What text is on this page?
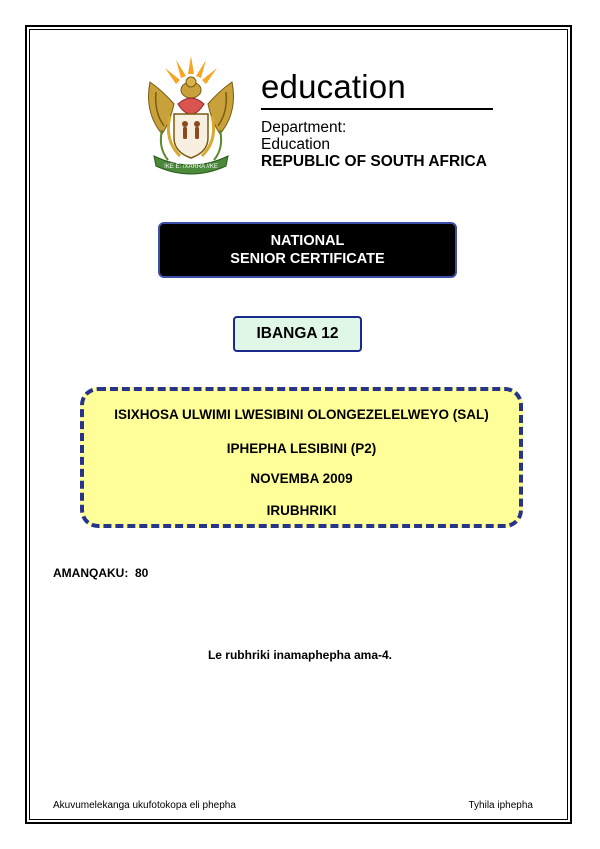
!KE E: /XARRA //KE
education
Department:
Education
REPUBLIC OF SOUTH AFRICA
NATIONAL
SENIOR CERTIFICATE
IBANGA 12
ISIXHOSA ULWIMI LWESIBINI OLONGEZELELWEYO (SAL)
IPHEPHA LESIBINI (P2)
NOVEMBA 2009
IRUBHRIKI
AMANQAKU:  80
Le rubhriki inamaphepha ama-4.
Akuvumelekanga ukufotokopa eli phepha	Tyhila iphepha
